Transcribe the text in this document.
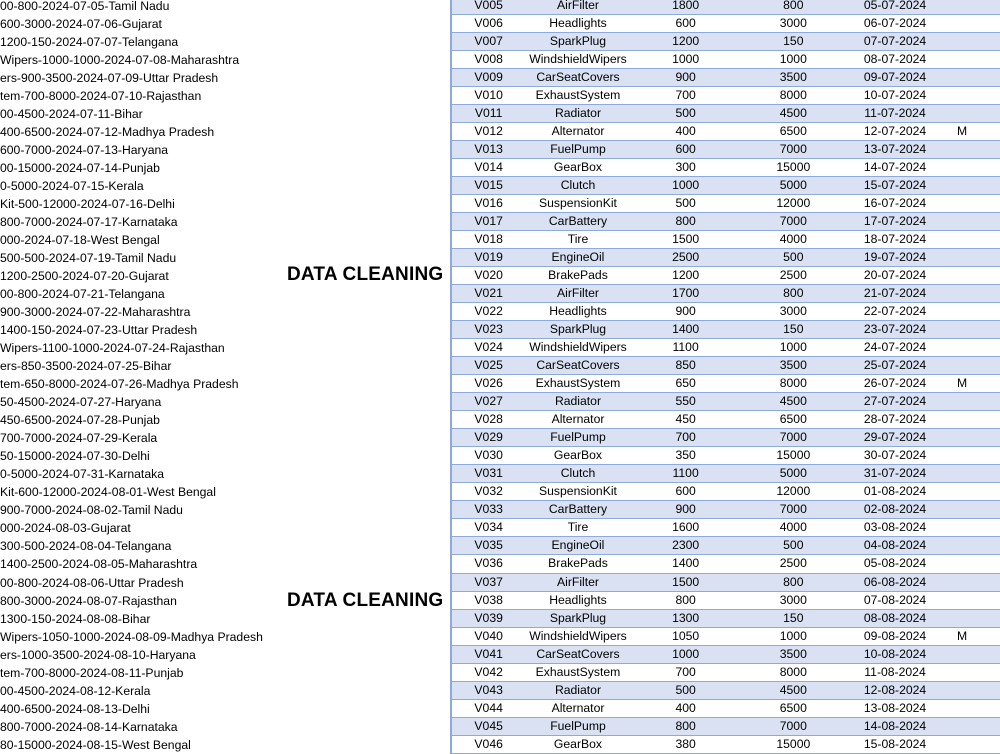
00-800-2024-07-05-Tamil Nadu
600-3000-2024-07-06-Gujarat
1200-150-2024-07-07-Telangana
Wipers-1000-1000-2024-07-08-Maharashtra
ers-900-3500-2024-07-09-Uttar Pradesh
tem-700-8000-2024-07-10-Rajasthan
00-4500-2024-07-11-Bihar
400-6500-2024-07-12-Madhya Pradesh
600-7000-2024-07-13-Haryana
00-15000-2024-07-14-Punjab
0-5000-2024-07-15-Kerala
Kit-500-12000-2024-07-16-Delhi
800-7000-2024-07-17-Karnataka
000-2024-07-18-West Bengal
500-500-2024-07-19-Tamil Nadu
1200-2500-2024-07-20-Gujarat
00-800-2024-07-21-Telangana
900-3000-2024-07-22-Maharashtra
1400-150-2024-07-23-Uttar Pradesh
Wipers-1100-1000-2024-07-24-Rajasthan
ers-850-3500-2024-07-25-Bihar
tem-650-8000-2024-07-26-Madhya Pradesh
50-4500-2024-07-27-Haryana
450-6500-2024-07-28-Punjab
700-7000-2024-07-29-Kerala
50-15000-2024-07-30-Delhi
0-5000-2024-07-31-Karnataka
Kit-600-12000-2024-08-01-West Bengal
900-7000-2024-08-02-Tamil Nadu
000-2024-08-03-Gujarat
300-500-2024-08-04-Telangana
1400-2500-2024-08-05-Maharashtra
00-800-2024-08-06-Uttar Pradesh
800-3000-2024-08-07-Rajasthan
1300-150-2024-08-08-Bihar
Wipers-1050-1000-2024-08-09-Madhya Pradesh
ers-1000-3500-2024-08-10-Haryana
tem-700-8000-2024-08-11-Punjab
00-4500-2024-08-12-Kerala
400-6500-2024-08-13-Delhi
800-7000-2024-08-14-Karnataka
80-15000-2024-08-15-West Bengal
DATA CLEANING
DATA CLEANING
V005	AirFilter	1800	800	05-07-2024
V006	Headlights	600	3000	06-07-2024
V007	SparkPlug	1200	150	07-07-2024
V008	WindshieldWipers	1000	1000	08-07-2024
V009	CarSeatCovers	900	3500	09-07-2024
V010	ExhaustSystem	700	8000	10-07-2024
V011	Radiator	500	4500	11-07-2024
V012	Alternator	400	6500	12-07-2024	M
V013	FuelPump	600	7000	13-07-2024
V014	GearBox	300	15000	14-07-2024
V015	Clutch	1000	5000	15-07-2024
V016	SuspensionKit	500	12000	16-07-2024
V017	CarBattery	800	7000	17-07-2024
V018	Tire	1500	4000	18-07-2024
V019	EngineOil	2500	500	19-07-2024
V020	BrakePads	1200	2500	20-07-2024
V021	AirFilter	1700	800	21-07-2024
V022	Headlights	900	3000	22-07-2024
V023	SparkPlug	1400	150	23-07-2024
V024	WindshieldWipers	1100	1000	24-07-2024
V025	CarSeatCovers	850	3500	25-07-2024
V026	ExhaustSystem	650	8000	26-07-2024	M
V027	Radiator	550	4500	27-07-2024
V028	Alternator	450	6500	28-07-2024
V029	FuelPump	700	7000	29-07-2024
V030	GearBox	350	15000	30-07-2024
V031	Clutch	1100	5000	31-07-2024
V032	SuspensionKit	600	12000	01-08-2024
V033	CarBattery	900	7000	02-08-2024
V034	Tire	1600	4000	03-08-2024
V035	EngineOil	2300	500	04-08-2024
V036	BrakePads	1400	2500	05-08-2024
V037	AirFilter	1500	800	06-08-2024
V038	Headlights	800	3000	07-08-2024
V039	SparkPlug	1300	150	08-08-2024
V040	WindshieldWipers	1050	1000	09-08-2024	M
V041	CarSeatCovers	1000	3500	10-08-2024
V042	ExhaustSystem	700	8000	11-08-2024
V043	Radiator	500	4500	12-08-2024
V044	Alternator	400	6500	13-08-2024
V045	FuelPump	800	7000	14-08-2024
V046	GearBox	380	15000	15-08-2024
